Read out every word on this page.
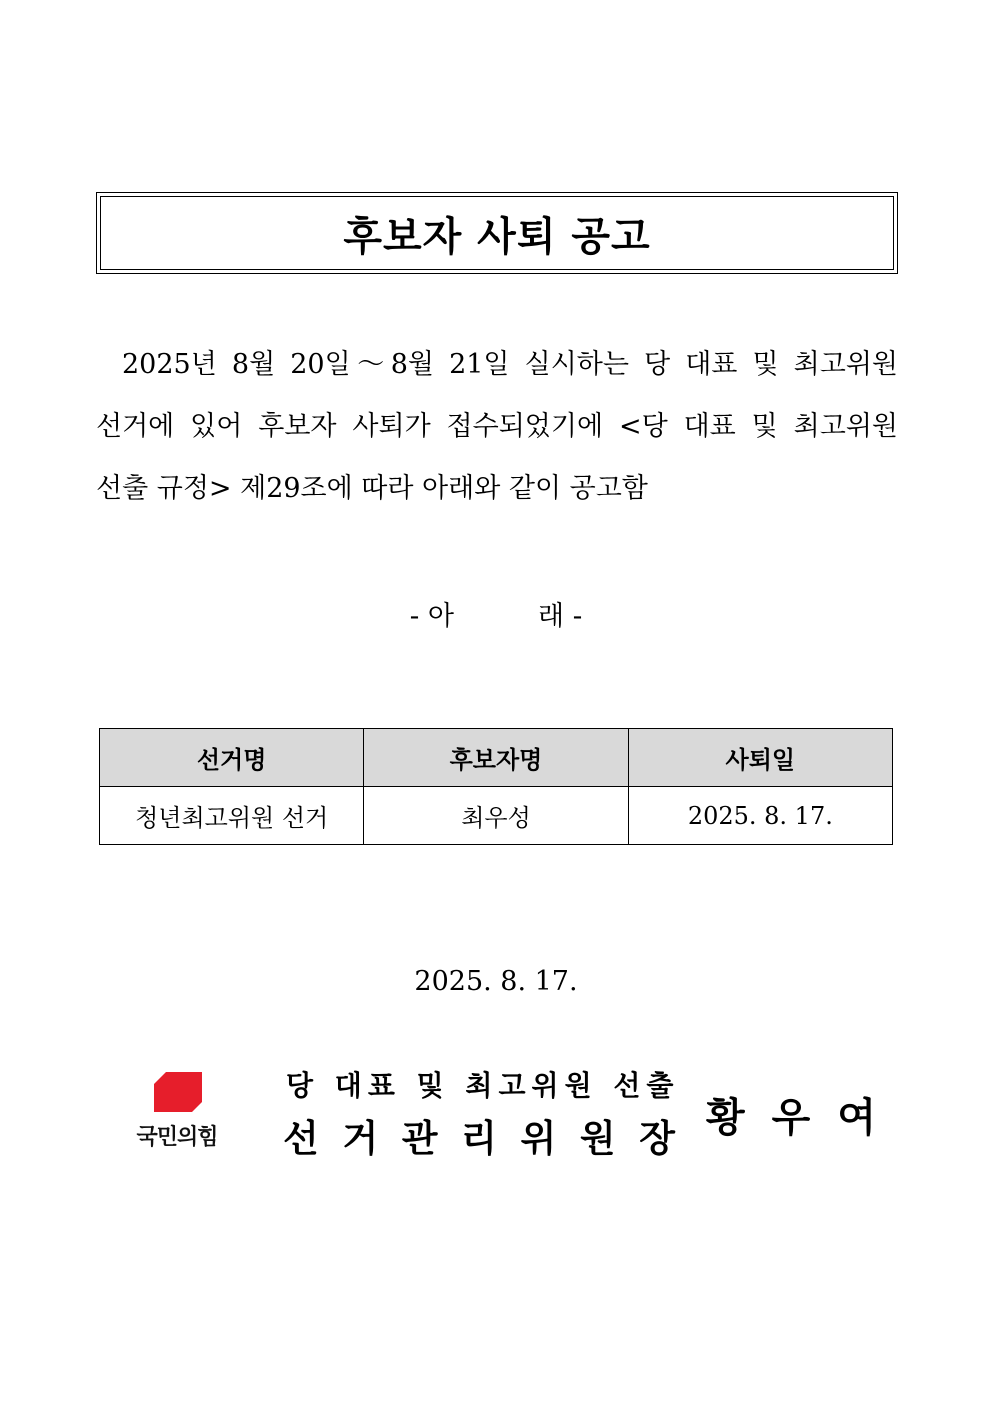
후보자 사퇴 공고
2025년 8월 20일～8월 21일 실시하는 당 대표 및 최고위원
선거에 있어 후보자 사퇴가 접수되었기에 <당 대표 및 최고위원
선출 규정> 제29조에 따라 아래와 같이 공고함
- 아	래 -
선거명	후보자명	사퇴일
청년최고위원 선거	최우성	2025. 8. 17.
2025. 8. 17.
국민의힘
당 대표 및 최고위원 선출
선 거 관 리 위 원 장 황 우 여
